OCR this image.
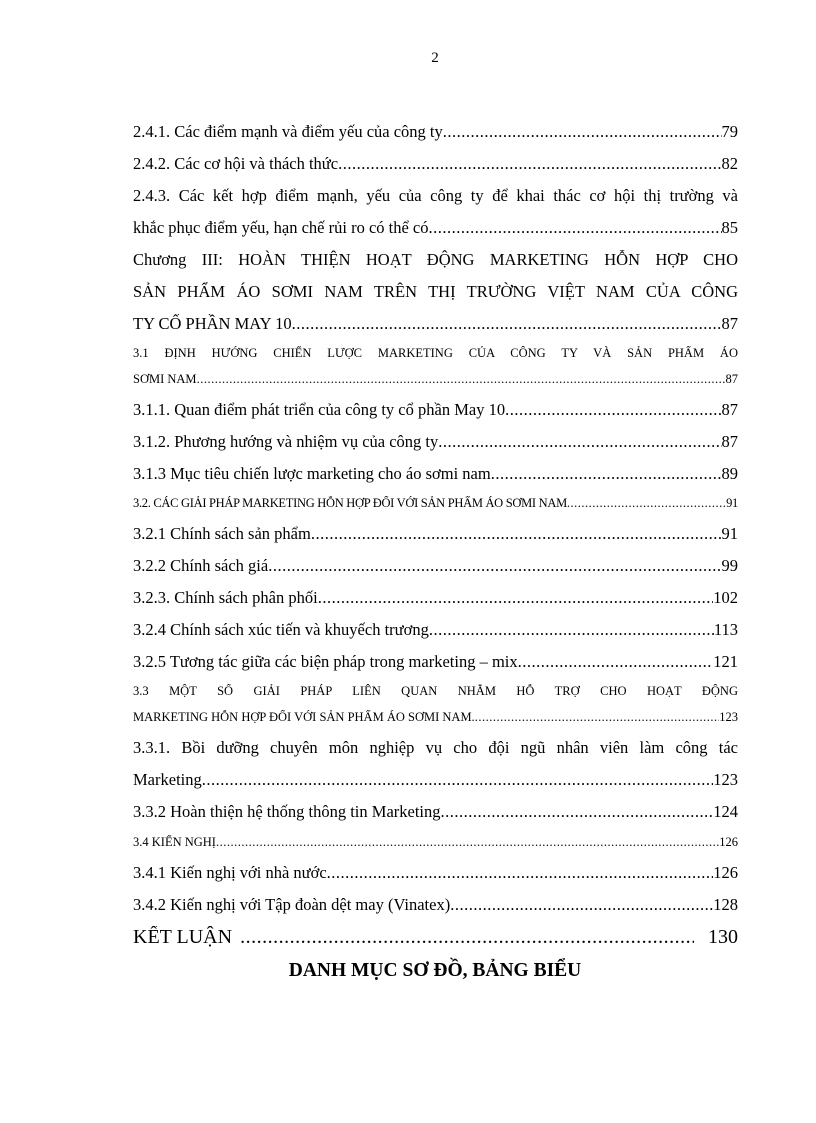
2
2.4.1. Các điểm mạnh và điểm yếu của công ty .....	79
2.4.2. Các cơ hội và thách thức .....	82
2.4.3. Các kết hợp điểm mạnh, yếu của công ty để khai thác cơ hội thị trường và
khắc phục điểm yếu, hạn chế rủi ro có thể có .....	85
Chương III: HOÀN THIỆN HOẠT ĐỘNG MARKETING HỖN HỢP CHO
SẢN PHẨM ÁO SƠMI NAM TRÊN THỊ TRƯỜNG VIỆT NAM CỦA CÔNG
TY CỔ PHẦN MAY 10 .....	87
3.1 ĐỊNH HƯỚNG CHIẾN LƯỢC MARKETING CỦA CÔNG TY VÀ SẢN PHẨM ÁO
SƠMI NAM .....	87
3.1.1. Quan điểm phát triển của công ty cổ phần May 10 .....	87
3.1.2. Phương hướng và nhiệm vụ của công ty .....	87
3.1.3 Mục tiêu chiến lược marketing cho áo sơmi nam .....	89
3.2. CÁC GIẢI PHÁP MARKETING HỖN HỢP ĐỐI VỚI SẢN PHẨM ÁO SƠMI NAM .....	91
3.2.1 Chính sách sản phẩm .....	91
3.2.2 Chính sách giá .....	99
3.2.3. Chính sách phân phối .....	102
3.2.4 Chính sách xúc tiến và khuyếch trương .....	113
3.2.5 Tương tác giữa các biện pháp trong marketing – mix .....	121
3.3 MỘT SỐ GIẢI PHÁP LIÊN QUAN NHẰM HỖ TRỢ CHO HOẠT ĐỘNG
MARKETING HỖN HỢP ĐỐI VỚI SẢN PHẨM ÁO SƠMI NAM. .....	123
3.3.1. Bồi dưỡng chuyên môn nghiệp vụ cho đội ngũ nhân viên làm công tác
Marketing .....	123
3.3.2 Hoàn thiện hệ thống thông tin Marketing .....	124
3.4 KIẾN NGHỊ .....	126
3.4.1 Kiến nghị với nhà nước .....	126
3.4.2 Kiến nghị với Tập đoàn dệt may (Vinatex) .....	128
KẾT LUẬN .....	130
DANH MỤC SƠ ĐỒ, BẢNG BIỂU
